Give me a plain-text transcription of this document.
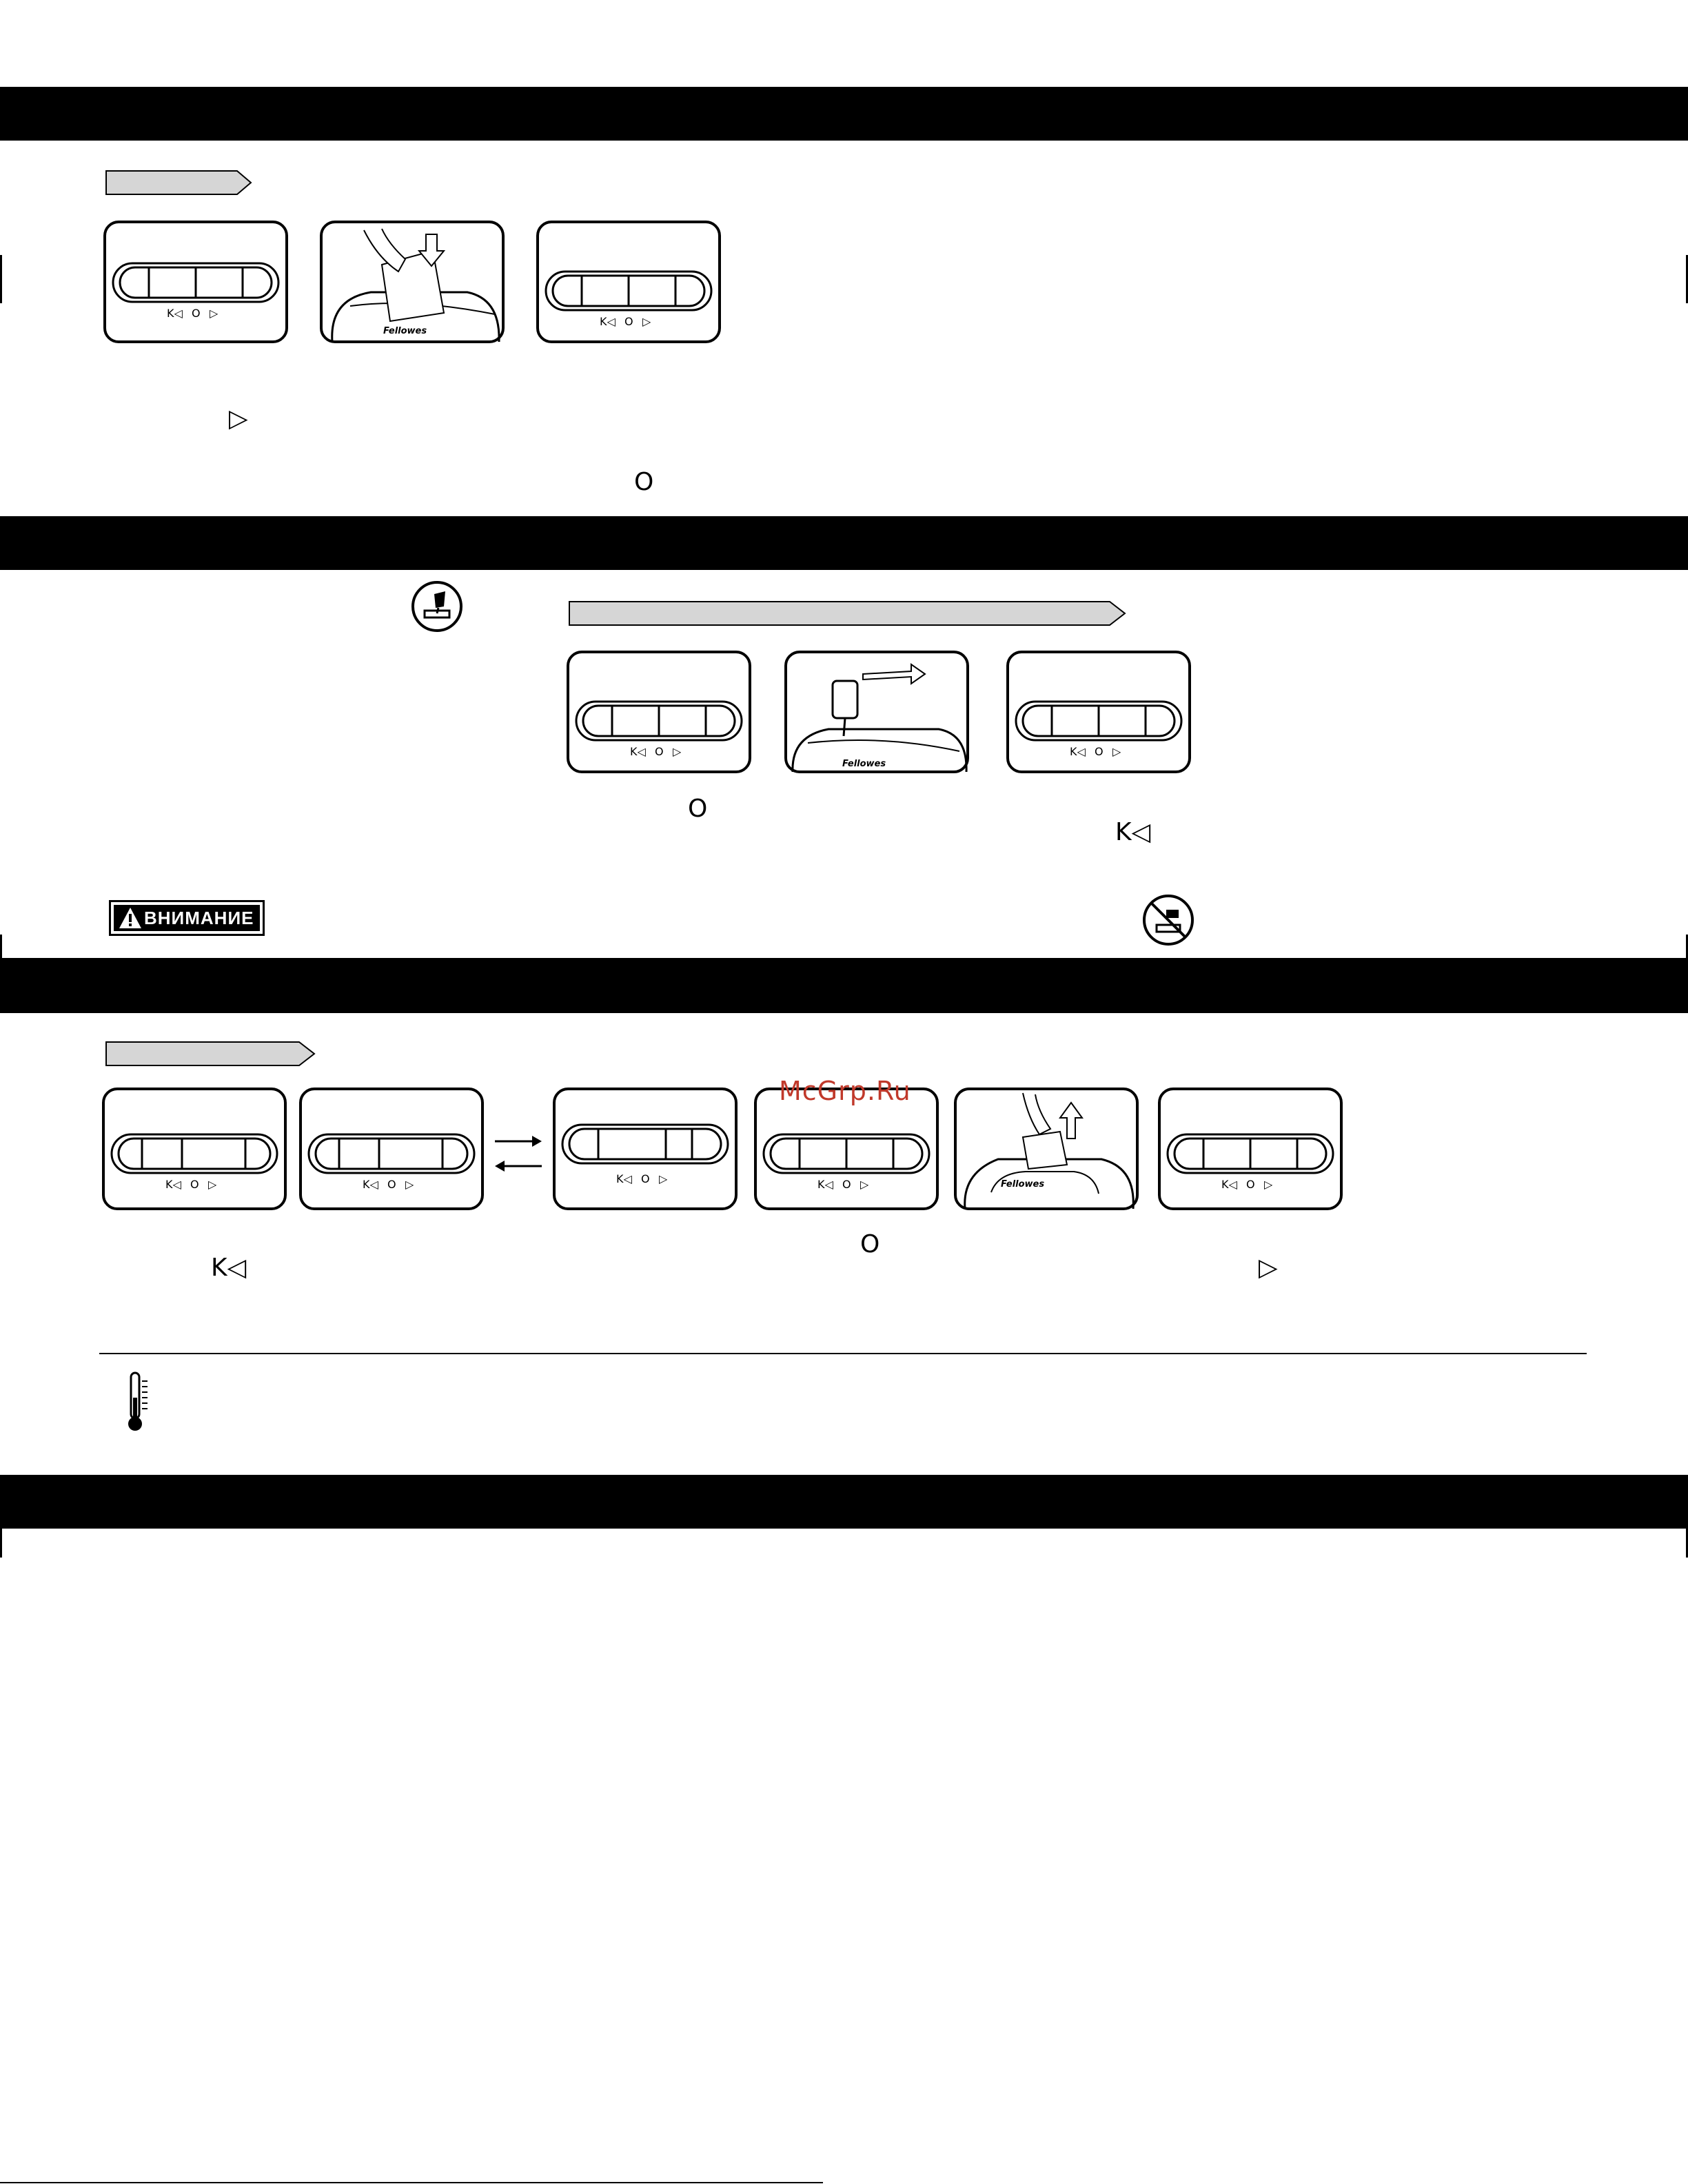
K◁ O ▷
Fellowes
K◁ O ▷
▷
O
K◁ O ▷
Fellowes
K◁ O ▷
O
K◁
ВНИМАНИЕ
K◁ O ▷	K◁ O ▷	K◁ O ▷	K◁ O ▷	Fellowes	K◁ O ▷
McGrp.Ru
O
K◁	▷
